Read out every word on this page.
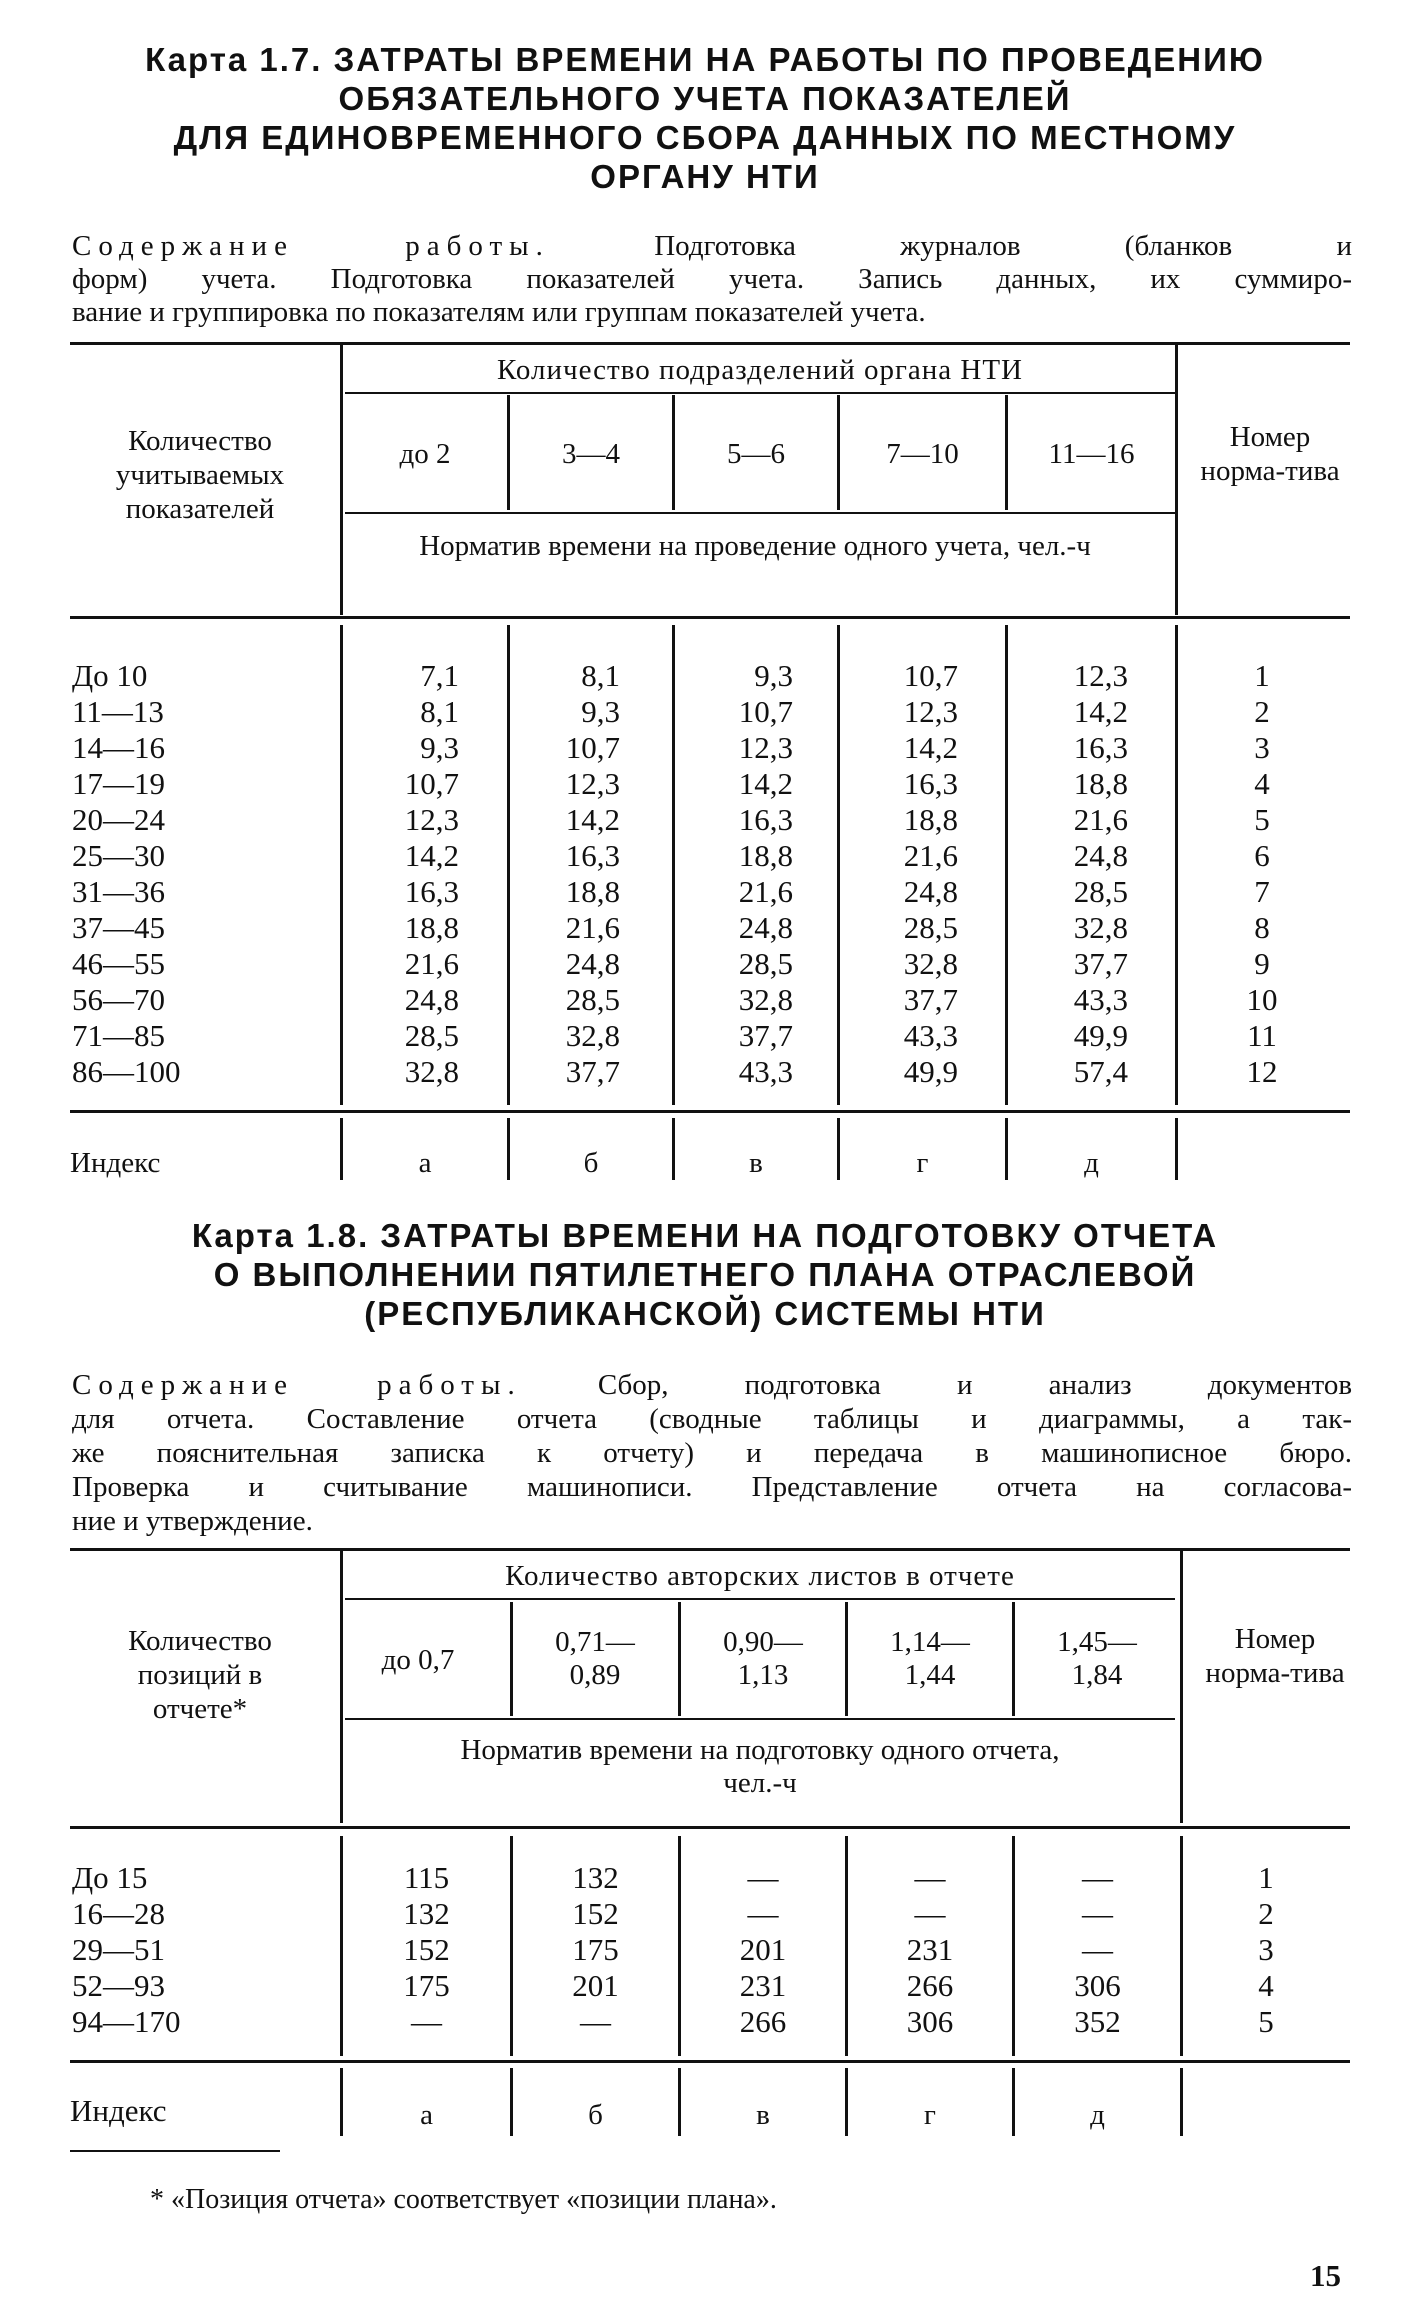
Карта 1.7. ЗАТРАТЫ ВРЕМЕНИ НА РАБОТЫ ПО ПРОВЕДЕНИЮ
ОБЯЗАТЕЛЬНОГО УЧЕТА ПОКАЗАТЕЛЕЙ
ДЛЯ ЕДИНОВРЕМЕННОГО СБОРА ДАННЫХ ПО МЕСТНОМУ
ОРГАНУ НТИ
Содержание работы. Подготовка журналов (бланков и
форм) учета. Подготовка показателей учета. Запись данных, их суммиро-
вание и группировка по показателям или группам показателей учета.
Количество учитываемых показателей
Количество подразделений органа НТИ
до 2	3—4	5—6	7—10	11—16
Норматив времени на проведение одного учета, чел.-ч
Номер норма-тива
До 10	7,1	8,1	9,3	10,7	12,3	1
11—13	8,1	9,3	10,7	12,3	14,2	2
14—16	9,3	10,7	12,3	14,2	16,3	3
17—19	10,7	12,3	14,2	16,3	18,8	4
20—24	12,3	14,2	16,3	18,8	21,6	5
25—30	14,2	16,3	18,8	21,6	24,8	6
31—36	16,3	18,8	21,6	24,8	28,5	7
37—45	18,8	21,6	24,8	28,5	32,8	8
46—55	21,6	24,8	28,5	32,8	37,7	9
56—70	24,8	28,5	32,8	37,7	43,3	10
71—85	28,5	32,8	37,7	43,3	49,9	11
86—100	32,8	37,7	43,3	49,9	57,4	12
Индекс	а	б	в	г	д
Карта 1.8. ЗАТРАТЫ ВРЕМЕНИ НА ПОДГОТОВКУ ОТЧЕТА
О ВЫПОЛНЕНИИ ПЯТИЛЕТНЕГО ПЛАНА ОТРАСЛЕВОЙ
(РЕСПУБЛИКАНСКОЙ) СИСТЕМЫ НТИ
Содержание работы. Сбор, подготовка и анализ документов
для отчета. Составление отчета (сводные таблицы и диаграммы, а так-
же пояснительная записка к отчету) и передача в машинописное бюро.
Проверка и считывание машинописи. Представление отчета на согласова-
ние и утверждение.
Количество позиций в отчете*
Количество авторских листов в отчете
до 0,7
0,71— 0,89
0,90— 1,13
1,14— 1,44
1,45— 1,84
Норматив времени на подготовку одного отчета, чел.-ч
Номер норма-тива
До 15	115	132	—	—	—	1
16—28	132	152	—	—	—	2
29—51	152	175	201	231	—	3
52—93	175	201	231	266	306	4
94—170	—	—	266	306	352	5
Индекс	а	б	в	г	д
* «Позиция отчета» соответствует «позиции плана».
15
